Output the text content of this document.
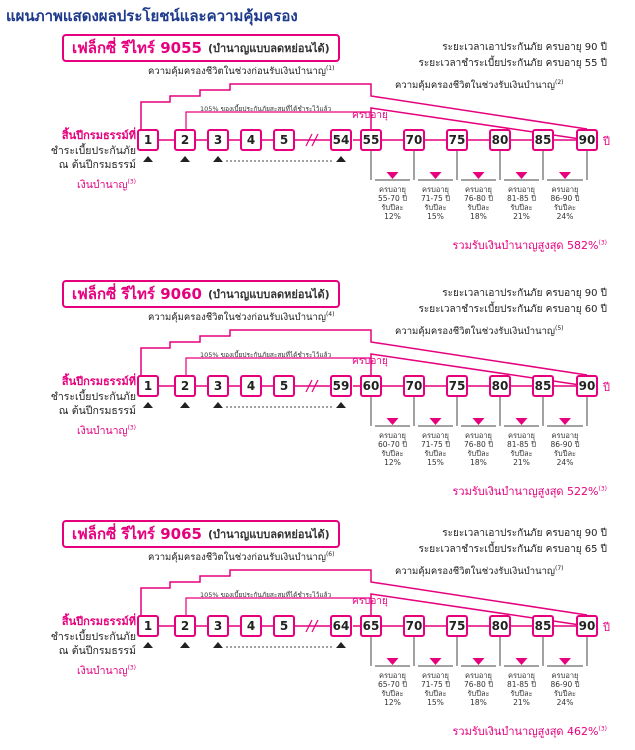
แผนภาพแสดงผลประโยชน์และความคุ้มครอง
เฟล็กซี่ รีไทร์ 9055 (บำนาญแบบลดหย่อนได้)	ระยะเวลาเอาประกันภัย ครบอายุ 90 ปี
ระยะเวลาชำระเบี้ยประกันภัย ครบอายุ 55 ปี
ความคุ้มครองชีวิตในช่วงก่อนรับเงินบำนาญ$^{(1)}$
ความคุ้มครองชีวิตในช่วงรับเงินบำนาญ$^{(2)}$
105% ของเบี้ยประกันภัยสะสมที่ได้ชำระไว้แล้ว
ครบอายุ
1	2	3	4	5	54 55 70 75 80 85 90 ปี
สิ้นปีกรมธรรม์ที่
ชำระเบี้ยประกันภัย
ณ ต้นปีกรมธรรม์
เงินบำนาญ$^{(3)}$
ครบอายุ
55-70 ปี
รับปีละ
12%
ครบอายุ
71-75 ปี
รับปีละ
15%
ครบอายุ
76-80 ปี
รับปีละ
18%
ครบอายุ
81-85 ปี
รับปีละ
21%
ครบอายุ
86-90 ปี
รับปีละ
24%
รวมรับเงินบำนาญสูงสุด 582%$^{(3)}$
เฟล็กซี่ รีไทร์ 9060 (บำนาญแบบลดหย่อนได้)	ระยะเวลาเอาประกันภัย ครบอายุ 90 ปี
ระยะเวลาชำระเบี้ยประกันภัย ครบอายุ 60 ปี
ความคุ้มครองชีวิตในช่วงก่อนรับเงินบำนาญ$^{(4)}$
ความคุ้มครองชีวิตในช่วงรับเงินบำนาญ$^{(5)}$
105% ของเบี้ยประกันภัยสะสมที่ได้ชำระไว้แล้ว
ครบอายุ
1	2	3	4	5	59 60 70 75 80 85 90 ปี
สิ้นปีกรมธรรม์ที่
ชำระเบี้ยประกันภัย
ณ ต้นปีกรมธรรม์
เงินบำนาญ$^{(3)}$
ครบอายุ
60-70 ปี
รับปีละ
12%
ครบอายุ
71-75 ปี
รับปีละ
15%
ครบอายุ
76-80 ปี
รับปีละ
18%
ครบอายุ
81-85 ปี
รับปีละ
21%
ครบอายุ
86-90 ปี
รับปีละ
24%
รวมรับเงินบำนาญสูงสุด 522%$^{(3)}$
เฟล็กซี่ รีไทร์ 9065 (บำนาญแบบลดหย่อนได้)	ระยะเวลาเอาประกันภัย ครบอายุ 90 ปี
ระยะเวลาชำระเบี้ยประกันภัย ครบอายุ 65 ปี
ความคุ้มครองชีวิตในช่วงก่อนรับเงินบำนาญ$^{(6)}$
ความคุ้มครองชีวิตในช่วงรับเงินบำนาญ$^{(7)}$
105% ของเบี้ยประกันภัยสะสมที่ได้ชำระไว้แล้ว
ครบอายุ
1	2	3	4	5	64 65 70 75 80 85 90 ปี
สิ้นปีกรมธรรม์ที่
ชำระเบี้ยประกันภัย
ณ ต้นปีกรมธรรม์
เงินบำนาญ$^{(3)}$
ครบอายุ
65-70 ปี
รับปีละ
12%
ครบอายุ
71-75 ปี
รับปีละ
15%
ครบอายุ
76-80 ปี
รับปีละ
18%
ครบอายุ
81-85 ปี
รับปีละ
21%
ครบอายุ
86-90 ปี
รับปีละ
24%
รวมรับเงินบำนาญสูงสุด 462%$^{(3)}$
